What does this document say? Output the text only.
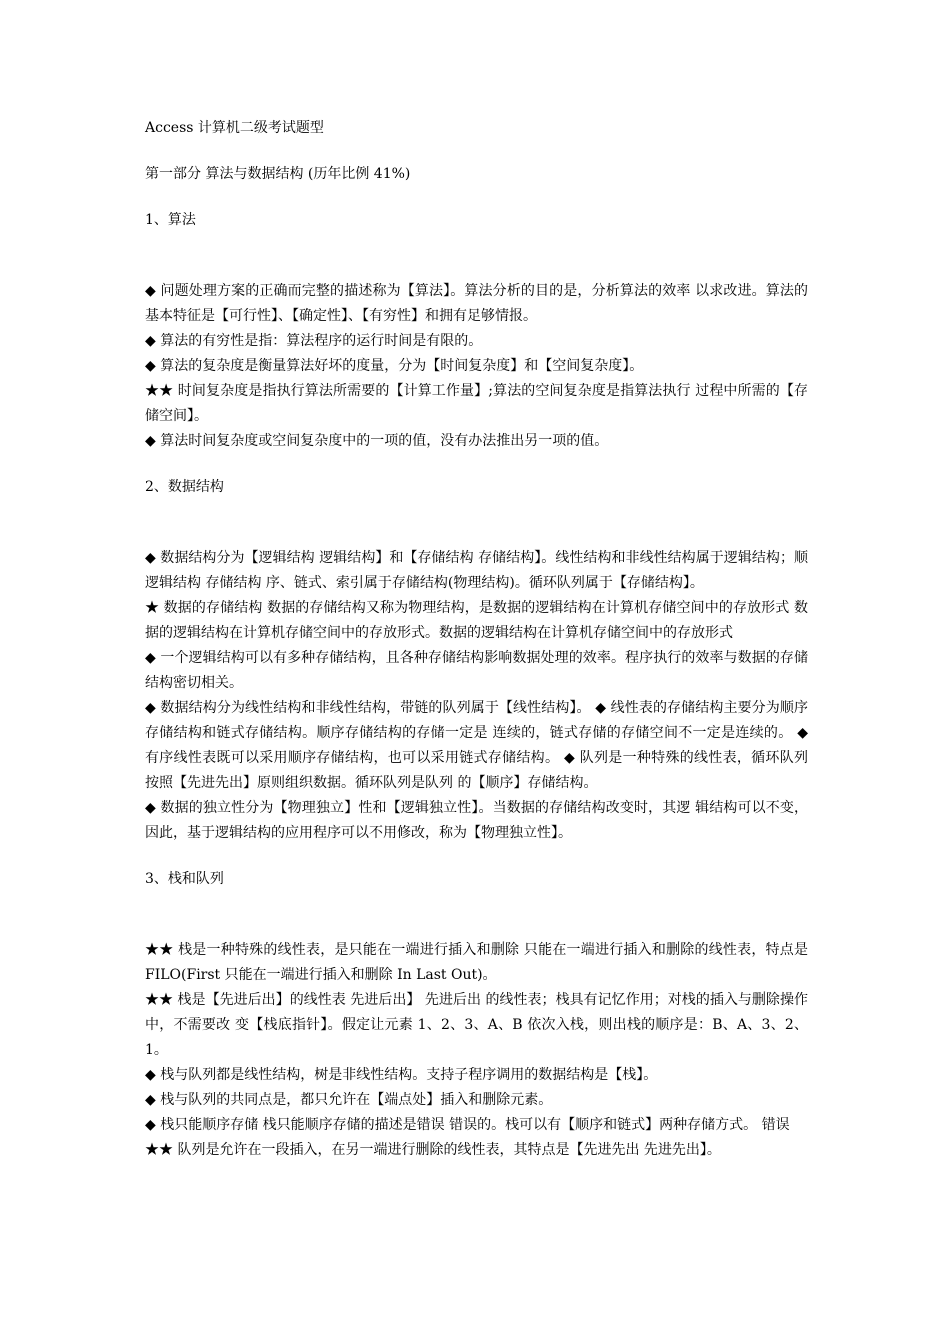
Access 计算机二级考试题型

第一部分 算法与数据结构 (历年比例 41%)

1、算法

◆ 问题处理方案的正确而完整的描述称为【算法】。算法分析的目的是，分析算法的效率 以求改进。算法的基本特征是【可行性】、【确定性】、【有穷性】和拥有足够情报。

◆ 算法的有穷性是指：算法程序的运行时间是有限的。

◆ 算法的复杂度是衡量算法好坏的度量，分为【时间复杂度】和【空间复杂度】。

★★ 时间复杂度是指执行算法所需要的【计算工作量】;算法的空间复杂度是指算法执行 过程中所需的【存储空间】。

◆ 算法时间复杂度或空间复杂度中的一项的值，没有办法推出另一项的值。

2、数据结构

◆ 数据结构分为【逻辑结构 逻辑结构】和【存储结构 存储结构】。线性结构和非线性结构属于逻辑结构；顺 逻辑结构 存储结构 序、链式、索引属于存储结构(物理结构)。循环队列属于【存储结构】。

★ 数据的存储结构 数据的存储结构又称为物理结构，是数据的逻辑结构在计算机存储空间中的存放形式 数据的逻辑结构在计算机存储空间中的存放形式。数据的逻辑结构在计算机存储空间中的存放形式

◆ 一个逻辑结构可以有多种存储结构，且各种存储结构影响数据处理的效率。程序执行的效率与数据的存储结构密切相关。

◆ 数据结构分为线性结构和非线性结构，带链的队列属于【线性结构】。 ◆ 线性表的存储结构主要分为顺序存储结构和链式存储结构。顺序存储结构的存储一定是 连续的，链式存储的存储空间不一定是连续的。 ◆ 有序线性表既可以采用顺序存储结构，也可以采用链式存储结构。 ◆ 队列是一种特殊的线性表，循环队列按照【先进先出】原则组织数据。循环队列是队列 的【顺序】存储结构。

◆ 数据的独立性分为【物理独立】性和【逻辑独立性】。当数据的存储结构改变时，其逻 辑结构可以不变，因此，基于逻辑结构的应用程序可以不用修改，称为【物理独立性】。

3、栈和队列

★★ 栈是一种特殊的线性表，是只能在一端进行插入和删除 只能在一端进行插入和删除的线性表，特点是 FILO(First 只能在一端进行插入和删除 In Last Out)。

★★ 栈是【先进后出】的线性表 先进后出】 先进后出 的线性表；栈具有记忆作用；对栈的插入与删除操作中，不需要改 变【栈底指针】。假定让元素 1、2、3、A、B 依次入栈，则出栈的顺序是：B、A、3、2、1。

◆ 栈与队列都是线性结构，树是非线性结构。支持子程序调用的数据结构是【栈】。

◆ 栈与队列的共同点是，都只允许在【端点处】插入和删除元素。

◆ 栈只能顺序存储 栈只能顺序存储的描述是错误 错误的。栈可以有【顺序和链式】两种存储方式。 错误

★★ 队列是允许在一段插入，在另一端进行删除的线性表，其特点是【先进先出 先进先出】。
